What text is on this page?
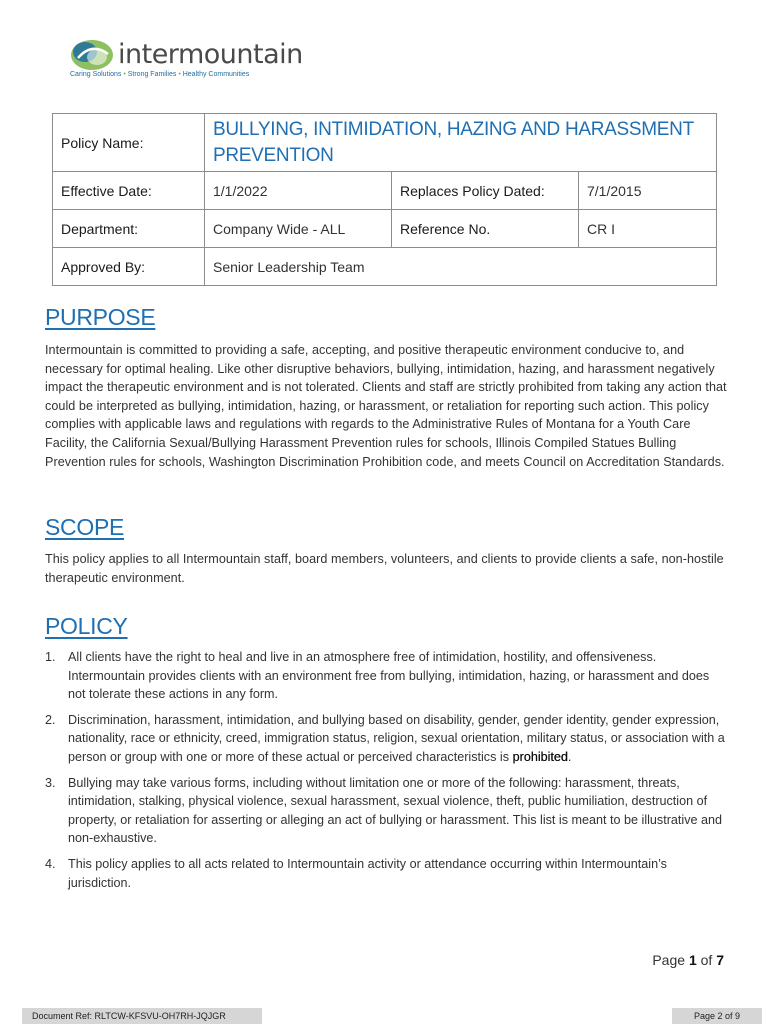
intermountain
Caring Solutions • Strong Families • Healthy Communities
Policy Name:	BULLYING, INTIMIDATION, HAZING AND HARASSMENT PREVENTION		
Effective Date:	1/1/2022	Replaces Policy Dated:	7/1/2015
Department:	Company Wide - ALL	Reference No.	CR I
Approved By:	Senior Leadership Team		
PURPOSE

Intermountain is committed to providing a safe, accepting, and positive therapeutic environment conducive to, and necessary for optimal healing. Like other disruptive behaviors, bullying, intimidation, hazing, and harassment negatively impact the therapeutic environment and is not tolerated. Clients and staff are strictly prohibited from taking any action that could be interpreted as bullying, intimidation, hazing, or harassment, or retaliation for reporting such action. This policy complies with applicable laws and regulations with regards to the Administrative Rules of Montana for a Youth Care Facility, the California Sexual/Bullying Harassment Prevention rules for schools, Illinois Compiled Statues Bulling Prevention rules for schools, Washington Discrimination Prohibition code, and meets Council on Accreditation Standards.

SCOPE

This policy applies to all Intermountain staff, board members, volunteers, and clients to provide clients a safe, non-hostile therapeutic environment.

POLICY
1. All clients have the right to heal and live in an atmosphere free of intimidation, hostility, and offensiveness. Intermountain provides clients with an environment free from bullying, intimidation, hazing, or harassment and does not tolerate these actions in any form.
2. Discrimination, harassment, intimidation, and bullying based on disability, gender, gender identity, gender expression, nationality, race or ethnicity, creed, immigration status, religion, sexual orientation, military status, or association with a person or group with one or more of these actual or perceived characteristics is prohibited.
3. Bullying may take various forms, including without limitation one or more of the following: harassment, threats, intimidation, stalking, physical violence, sexual harassment, sexual violence, theft, public humiliation, destruction of property, or retaliation for asserting or alleging an act of bullying or harassment. This list is meant to be illustrative and non-exhaustive.
4. This policy applies to all acts related to Intermountain activity or attendance occurring within Intermountain’s jurisdiction.
Page 1 of 7
Document Ref: RLTCW-KFSVU-OH7RH-JQJGR	Page 2 of 9
